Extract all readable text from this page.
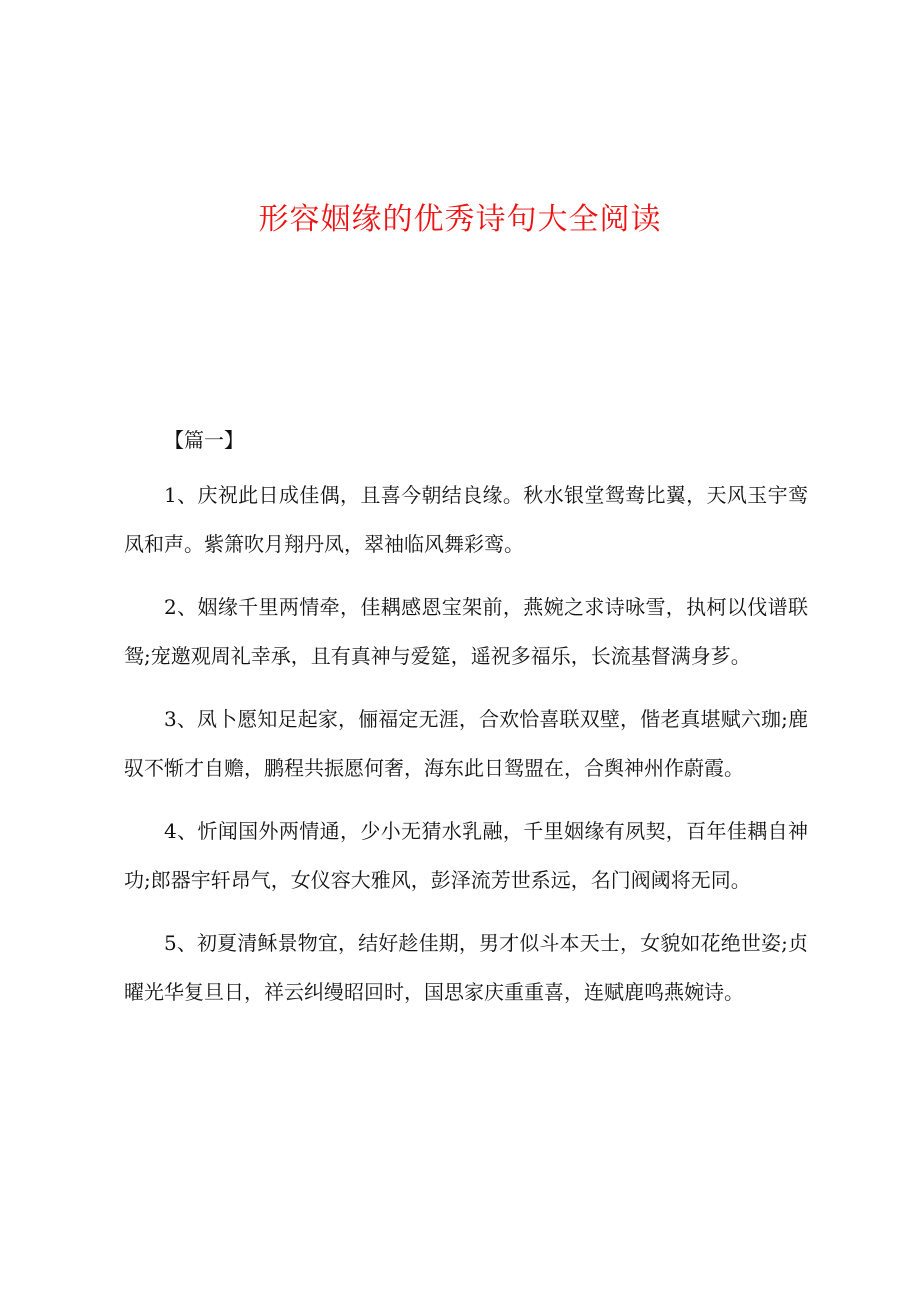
形容姻缘的优秀诗句大全阅读
【篇一】

1、庆祝此日成佳偶，且喜今朝结良缘。秋水银堂鸳鸯比翼，天风玉宇鸾凤和声。紫箫吹月翔丹凤，翠袖临风舞彩鸾。

2、姻缘千里两情牵，佳耦感恩宝架前，燕婉之求诗咏雪，执柯以伐谱联鸳;宠邀观周礼幸承，且有真神与爱筵，遥祝多福乐，长流基督满身芗。

3、凤卜愿知足起家，俪福定无涯，合欢恰喜联双壁，偕老真堪赋六珈;鹿驭不惭才自赡，鹏程共振愿何奢，海东此日鸳盟在，合舆神州作蔚霞。

4、忻闻国外两情通，少小无猜水乳融，千里姻缘有夙契，百年佳耦自神功;郎器宇轩昂气，女仪容大雅风，彭泽流芳世系远，名门阀阈将无同。

5、初夏清稣景物宜，结好趁佳期，男才似斗本天士，女貌如花绝世姿;贞曜光华复旦日，祥云纠缦昭回时，国思家庆重重喜，连赋鹿鸣燕婉诗。
